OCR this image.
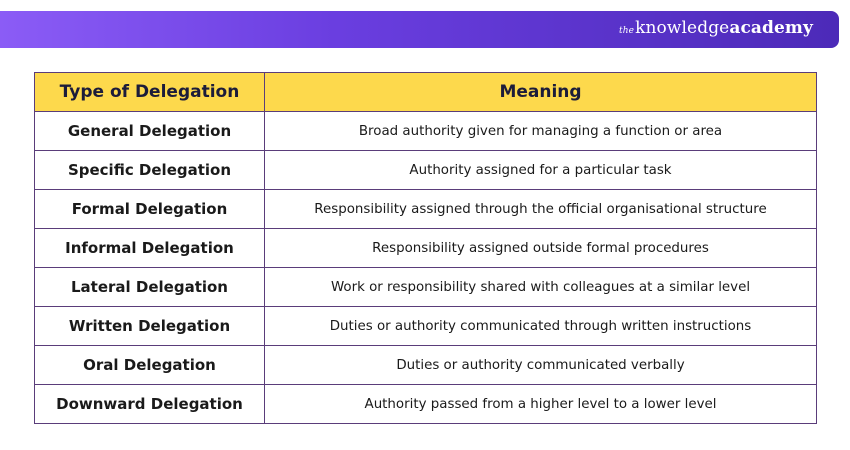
the knowledge academy
Type of Delegation	Meaning
General Delegation	Broad authority given for managing a function or area
Specific Delegation	Authority assigned for a particular task
Formal Delegation	Responsibility assigned through the official organisational structure
Informal Delegation	Responsibility assigned outside formal procedures
Lateral Delegation	Work or responsibility shared with colleagues at a similar level
Written Delegation	Duties or authority communicated through written instructions
Oral Delegation	Duties or authority communicated verbally
Downward Delegation	Authority passed from a higher level to a lower level
